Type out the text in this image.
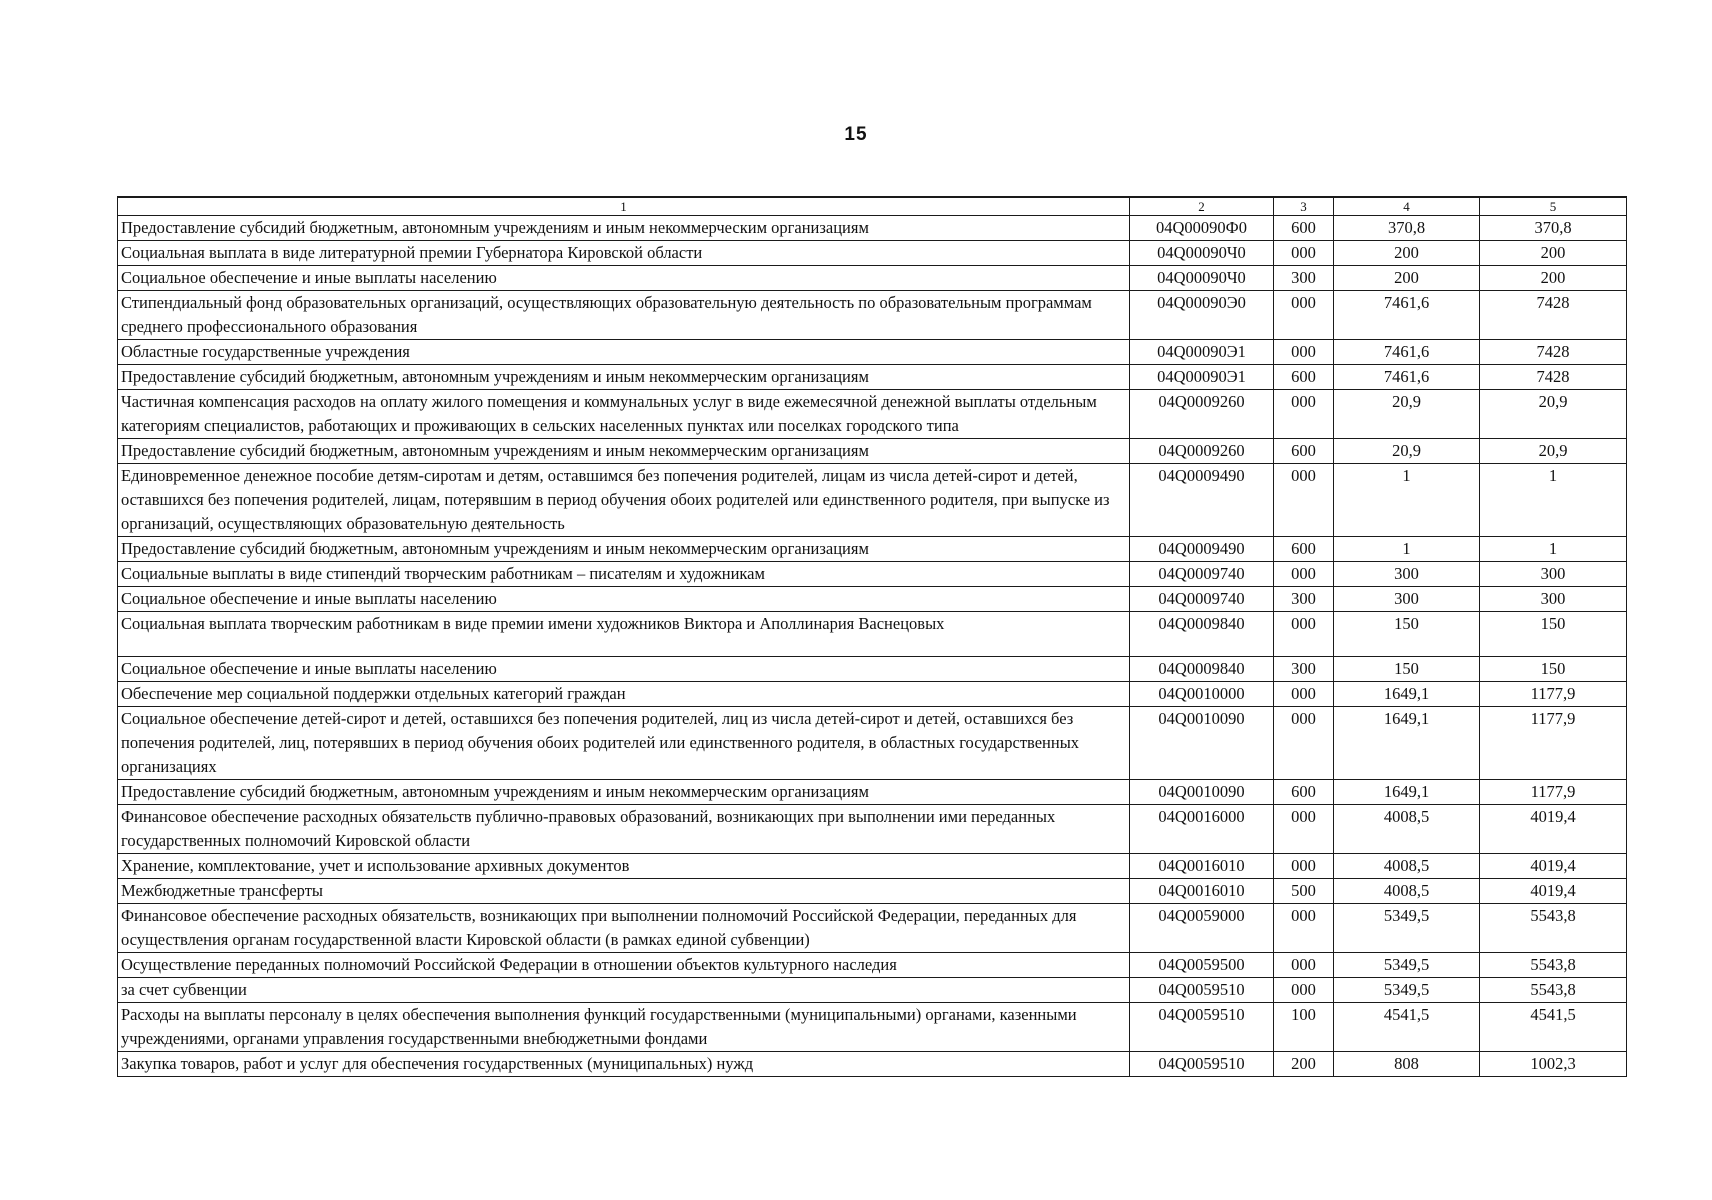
15
1	2	3	4	5
Предоставление субсидий бюджетным, автономным учреждениям и иным некоммерческим организациям	04Q00090Ф0	600	370,8	370,8
Социальная выплата в виде литературной премии Губернатора Кировской области	04Q00090Ч0	000	200	200
Социальное обеспечение и иные выплаты населению	04Q00090Ч0	300	200	200
Стипендиальный фонд образовательных организаций, осуществляющих образовательную деятельность по образовательным программам среднего профессионального образования	04Q00090Э0	000	7461,6	7428
Областные государственные учреждения	04Q00090Э1	000	7461,6	7428
Предоставление субсидий бюджетным, автономным учреждениям и иным некоммерческим организациям	04Q00090Э1	600	7461,6	7428
Частичная компенсация расходов на оплату жилого помещения и коммунальных услуг в виде ежемесячной денежной выплаты отдельным категориям специалистов, работающих и проживающих в сельских населенных пунктах или поселках городского типа	04Q0009260	000	20,9	20,9
Предоставление субсидий бюджетным, автономным учреждениям и иным некоммерческим организациям	04Q0009260	600	20,9	20,9
Единовременное денежное пособие детям-сиротам и детям, оставшимся без попечения родителей, лицам из числа детей-сирот и детей, оставшихся без попечения родителей, лицам, потерявшим в период обучения обоих родителей или единственного родителя, при выпуске из организаций, осуществляющих образовательную деятельность	04Q0009490	000	1	1
Предоставление субсидий бюджетным, автономным учреждениям и иным некоммерческим организациям	04Q0009490	600	1	1
Социальные выплаты в виде стипендий творческим работникам – писателям и художникам	04Q0009740	000	300	300
Социальное обеспечение и иные выплаты населению	04Q0009740	300	300	300
Социальная выплата творческим работникам в виде премии имени художников Виктора и Аполлинария Васнецовых	04Q0009840	000	150	150
Социальное обеспечение и иные выплаты населению	04Q0009840	300	150	150
Обеспечение мер социальной поддержки отдельных категорий граждан	04Q0010000	000	1649,1	1177,9
Социальное обеспечение детей-сирот и детей, оставшихся без попечения родителей, лиц из числа детей-сирот и детей, оставшихся без попечения родителей, лиц, потерявших в период обучения обоих родителей или единственного родителя, в областных государственных организациях	04Q0010090	000	1649,1	1177,9
Предоставление субсидий бюджетным, автономным учреждениям и иным некоммерческим организациям	04Q0010090	600	1649,1	1177,9
Финансовое обеспечение расходных обязательств публично-правовых образований, возникающих при выполнении ими переданных государственных полномочий Кировской области	04Q0016000	000	4008,5	4019,4
Хранение, комплектование, учет и использование архивных документов	04Q0016010	000	4008,5	4019,4
Межбюджетные трансферты	04Q0016010	500	4008,5	4019,4
Финансовое обеспечение расходных обязательств, возникающих при выполнении полномочий Российской Федерации, переданных для осуществления органам государственной власти Кировской области (в рамках единой субвенции)	04Q0059000	000	5349,5	5543,8
Осуществление переданных полномочий Российской Федерации в отношении объектов культурного наследия	04Q0059500	000	5349,5	5543,8
за счет субвенции	04Q0059510	000	5349,5	5543,8
Расходы на выплаты персоналу в целях обеспечения выполнения функций государственными (муниципальными) органами, казенными учреждениями, органами управления государственными внебюджетными фондами	04Q0059510	100	4541,5	4541,5
Закупка товаров, работ и услуг для обеспечения государственных (муниципальных) нужд	04Q0059510	200	808	1002,3
